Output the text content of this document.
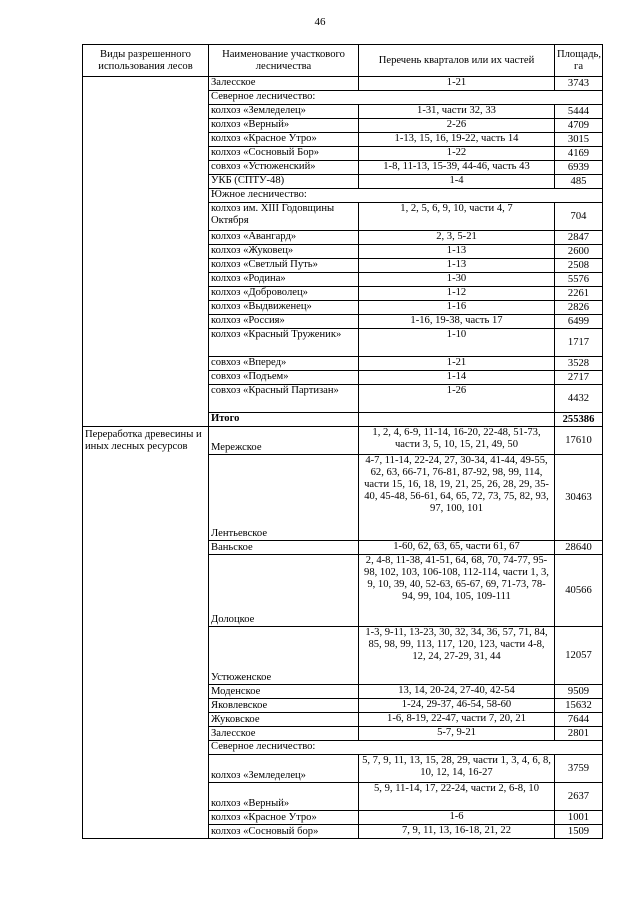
46
Виды разрешенного использования лесов	Наименование участкового лесничества	Перечень кварталов или их частей	Площадь, га
	Залесское	1-21	3743
	Северное лесничество:		
	колхоз «Земледелец»	1-31, части 32, 33	5444
	колхоз «Верный»	2-26	4709
	колхоз «Красное Утро»	1-13, 15, 16, 19-22, часть 14	3015
	колхоз «Сосновый Бор»	1-22	4169
	совхоз «Устюженский»	1-8, 11-13, 15-39, 44-46, часть 43	6939
	УКБ (СПТУ-48)	1-4	485
	Южное лесничество:		
	колхоз им. XIII Годовщины Октября	1, 2, 5, 6, 9, 10, части 4, 7	704
	колхоз «Авангард»	2, 3, 5-21	2847
	колхоз «Жуковец»	1-13	2600
	колхоз «Светлый Путь»	1-13	2508
	колхоз «Родина»	1-30	5576
	колхоз «Доброволец»	1-12	2261
	колхоз «Выдвиженец»	1-16	2826
	колхоз «Россия»	1-16, 19-38, часть 17	6499
	колхоз «Красный Труженик»	1-10	1717
	совхоз «Вперед»	1-21	3528
	совхоз «Подъем»	1-14	2717
	совхоз «Красный Партизан»	1-26	4432
	Итого		255386
Переработка древесины и иных лесных ресурсов	Мережское	1, 2, 4, 6-9, 11-14, 16-20, 22-48, 51-73, части 3, 5, 10, 15, 21, 49, 50	17610
	Лентьевское	4-7, 11-14, 22-24, 27, 30-34, 41-44, 49-55, 62, 63, 66-71, 76-81, 87-92, 98, 99, 114, части 15, 16, 18, 19, 21, 25, 26, 28, 29, 35-40, 45-48, 56-61, 64, 65, 72, 73, 75, 82, 93, 97, 100, 101	30463
	Ваньское	1-60, 62, 63, 65, части 61, 67	28640
	Долоцкое	2, 4-8, 11-38, 41-51, 64, 68, 70, 74-77, 95-98, 102, 103, 106-108, 112-114, части 1, 3, 9, 10, 39, 40, 52-63, 65-67, 69, 71-73, 78-94, 99, 104, 105, 109-111	40566
	Устюженское	1-3, 9-11, 13-23, 30, 32, 34, 36, 57, 71, 84, 85, 98, 99, 113, 117, 120, 123, части 4-8, 12, 24, 27-29, 31, 44	12057
	Моденское	13, 14, 20-24, 27-40, 42-54	9509
	Яковлевское	1-24, 29-37, 46-54, 58-60	15632
	Жуковское	1-6, 8-19, 22-47, части 7, 20, 21	7644
	Залесское	5-7, 9-21	2801
	Северное лесничество:		
	колхоз «Земледелец»	5, 7, 9, 11, 13, 15, 28, 29, части 1, 3, 4, 6, 8, 10, 12, 14, 16-27	3759
	колхоз «Верный»	5, 9, 11-14, 17, 22-24, части 2, 6-8, 10	2637
	колхоз «Красное Утро»	1-6	1001
	колхоз «Сосновый бор»	7, 9, 11, 13, 16-18, 21, 22	1509
